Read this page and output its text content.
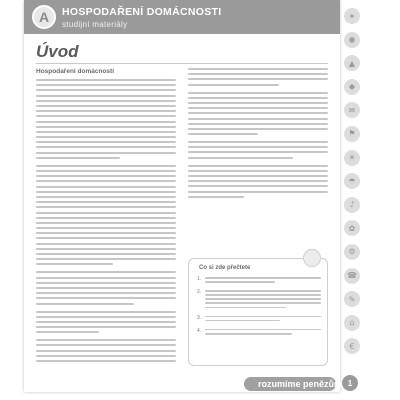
A	HOSPODAŘENÍ DOMÁCNOSTI
studijní materiály
Úvod
Hospodaření domácností
Co si zde přečtete
1.
2.
3.
4.
✦
◉
▲
◆
✉
⚑
☀
☂
♪
✿
⚙
☎
✎
⌂
€
rozumíme penězům 1
